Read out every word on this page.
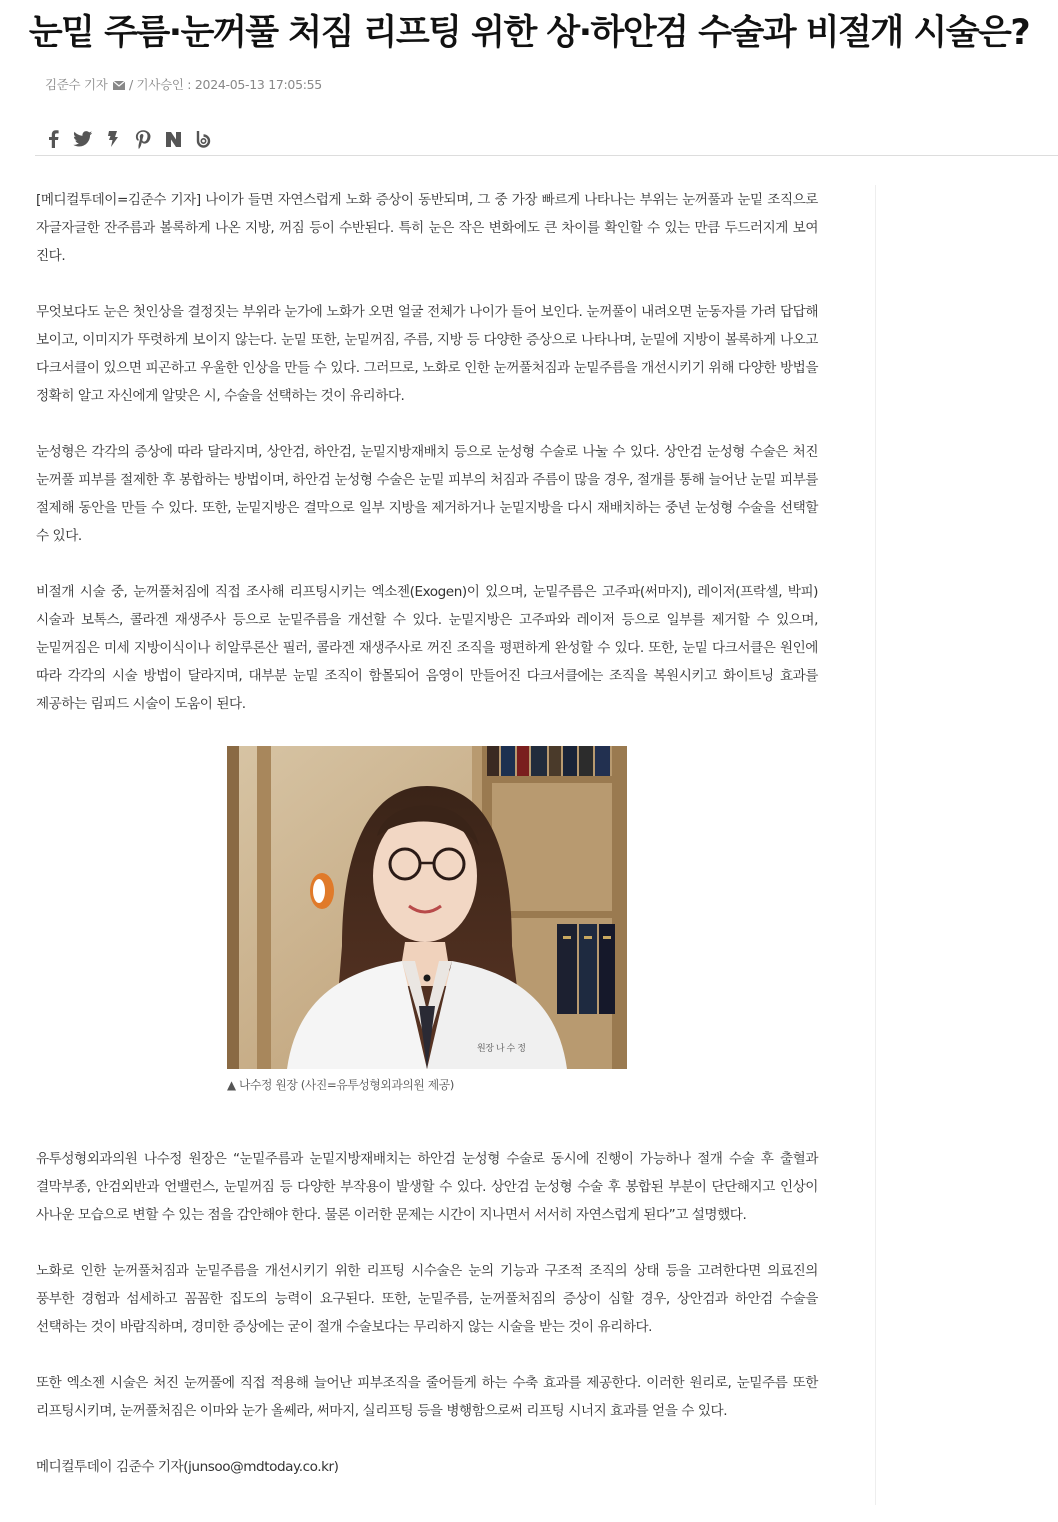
눈밑 주름·눈꺼풀 처짐 리프팅 위한 상·하안검 수술과 비절개 시술은?
김준수 기자 / 기사승인 : 2024-05-13 17:05:55

[메디컬투데이=김준수 기자] 나이가 들면 자연스럽게 노화 증상이 동반되며, 그 중 가장 빠르게 나타나는 부위는 눈꺼풀과 눈밑 조직으로 자글자글한 잔주름과 볼록하게 나온 지방, 꺼짐 등이 수반된다. 특히 눈은 작은 변화에도 큰 차이를 확인할 수 있는 만큼 두드러지게 보여 진다.

무엇보다도 눈은 첫인상을 결정짓는 부위라 눈가에 노화가 오면 얼굴 전체가 나이가 들어 보인다. 눈꺼풀이 내려오면 눈동자를 가려 답답해 보이고, 이미지가 뚜렷하게 보이지 않는다. 눈밑 또한, 눈밑꺼짐, 주름, 지방 등 다양한 증상으로 나타나며, 눈밑에 지방이 볼록하게 나오고 다크서클이 있으면 피곤하고 우울한 인상을 만들 수 있다. 그러므로, 노화로 인한 눈꺼풀처짐과 눈밑주름을 개선시키기 위해 다양한 방법을 정확히 알고 자신에게 알맞은 시, 수술을 선택하는 것이 유리하다.

눈성형은 각각의 증상에 따라 달라지며, 상안검, 하안검, 눈밑지방재배치 등으로 눈성형 수술로 나눌 수 있다. 상안검 눈성형 수술은 처진 눈꺼풀 피부를 절제한 후 봉합하는 방법이며, 하안검 눈성형 수술은 눈밑 피부의 처짐과 주름이 많을 경우, 절개를 통해 늘어난 눈밑 피부를 절제해 동안을 만들 수 있다. 또한, 눈밑지방은 결막으로 일부 지방을 제거하거나 눈밑지방을 다시 재배치하는 중년 눈성형 수술을 선택할 수 있다.

비절개 시술 중, 눈꺼풀처짐에 직접 조사해 리프팅시키는 엑소젠(Exogen)이 있으며, 눈밑주름은 고주파(써마지), 레이저(프락셀, 박피) 시술과 보톡스, 콜라겐 재생주사 등으로 눈밑주름을 개선할 수 있다. 눈밑지방은 고주파와 레이저 등으로 일부를 제거할 수 있으며, 눈밑꺼짐은 미세 지방이식이나 히알루론산 필러, 콜라겐 재생주사로 꺼진 조직을 평편하게 완성할 수 있다. 또한, 눈밑 다크서클은 원인에 따라 각각의 시술 방법이 달라지며, 대부분 눈밑 조직이 함몰되어 음영이 만들어진 다크서클에는 조직을 복원시키고 화이트닝 효과를 제공하는 림피드 시술이 도움이 된다.

원장 나 수 정
▲ 나수정 원장 (사진=유투성형외과의원 제공)

유투성형외과의원 나수정 원장은 “눈밑주름과 눈밑지방재배치는 하안검 눈성형 수술로 동시에 진행이 가능하나 절개 수술 후 출혈과 결막부종, 안검외반과 언밸런스, 눈밑꺼짐 등 다양한 부작용이 발생할 수 있다. 상안검 눈성형 수술 후 봉합된 부분이 단단해지고 인상이 사나운 모습으로 변할 수 있는 점을 감안해야 한다. 물론 이러한 문제는 시간이 지나면서 서서히 자연스럽게 된다”고 설명했다.

노화로 인한 눈꺼풀처짐과 눈밑주름을 개선시키기 위한 리프팅 시수술은 눈의 기능과 구조적 조직의 상태 등을 고려한다면 의료진의 풍부한 경험과 섬세하고 꼼꼼한 집도의 능력이 요구된다. 또한, 눈밑주름, 눈꺼풀처짐의 증상이 심할 경우, 상안검과 하안검 수술을 선택하는 것이 바람직하며, 경미한 증상에는 굳이 절개 수술보다는 무리하지 않는 시술을 받는 것이 유리하다.

또한 엑소젠 시술은 처진 눈꺼풀에 직접 적용해 늘어난 피부조직을 줄어들게 하는 수축 효과를 제공한다. 이러한 원리로, 눈밑주름 또한 리프팅시키며, 눈꺼풀처짐은 이마와 눈가 올쎄라, 써마지, 실리프팅 등을 병행함으로써 리프팅 시너지 효과를 얻을 수 있다.

메디컬투데이 김준수 기자(junsoo@mdtoday.co.kr)
